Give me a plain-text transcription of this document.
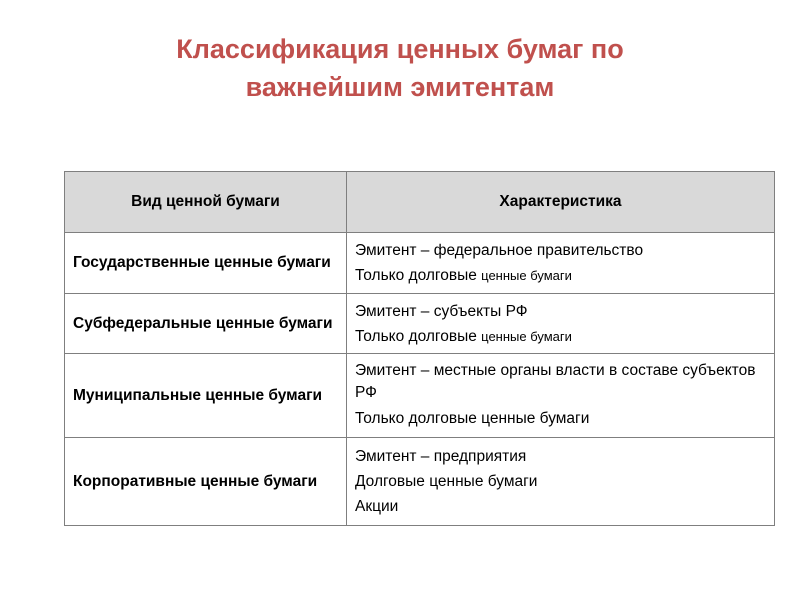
Классификация ценных бумаг по
важнейшим эмитентам
Вид ценной бумаги	Характеристика
Государственные ценные бумаги	Эмитент – федеральное правительство
Только долговые ценные бумаги

Субфедеральные ценные бумаги	Эмитент – субъекты РФ
Только долговые ценные бумаги

Муниципальные ценные бумаги	Эмитент – местные органы власти в составе субъектов РФ
Только долговые ценные бумаги

Корпоративные ценные бумаги	Эмитент – предприятия
Долговые ценные бумаги
Акции
